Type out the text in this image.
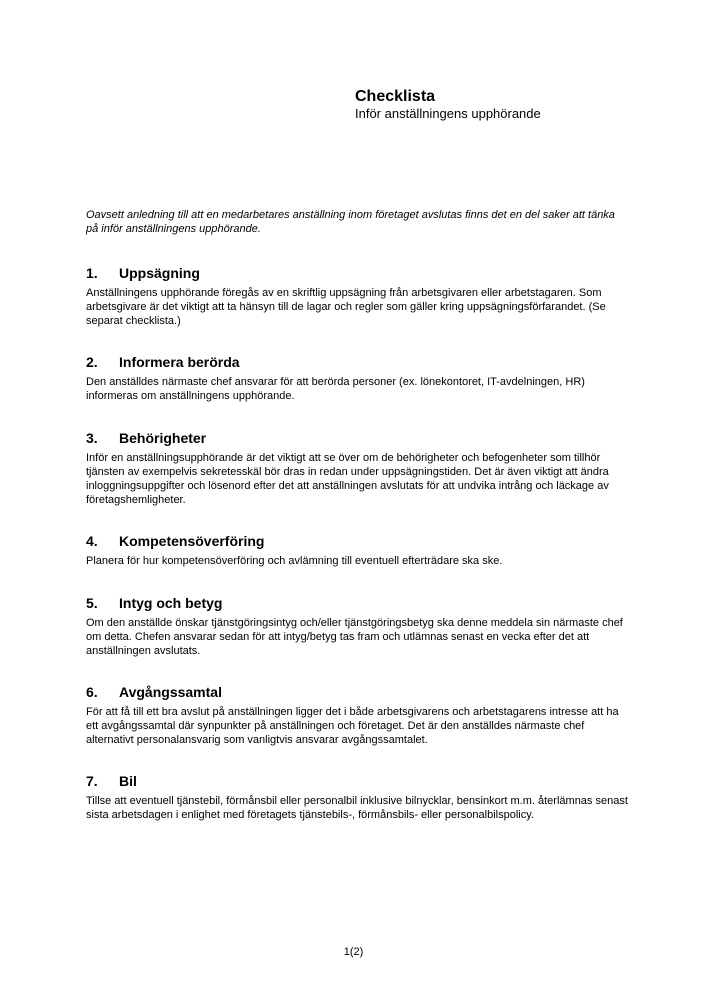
Checklista

Inför anställningens upphörande

Oavsett anledning till att en medarbetares anställning inom företaget avslutas finns det en del saker att tänka på inför anställningens upphörande.

1.	Uppsägning

Anställningens upphörande föregås av en skriftlig uppsägning från arbetsgivaren eller arbetstagaren. Som arbetsgivare är det viktigt att ta hänsyn till de lagar och regler som gäller kring uppsägningsförfarandet. (Se separat checklista.)

2.	Informera berörda

Den anställdes närmaste chef ansvarar för att berörda personer (ex. lönekontoret, IT-avdelningen, HR) informeras om anställningens upphörande.

3.	Behörigheter

Inför en anställningsupphörande är det viktigt att se över om de behörigheter och befogenheter som tillhör tjänsten av exempelvis sekretesskäl bör dras in redan under uppsägningstiden. Det är även viktigt att ändra inloggningsuppgifter och lösenord efter det att anställningen avslutats för att undvika intrång och läckage av företagshemligheter.

4.	Kompetensöverföring

Planera för hur kompetensöverföring och avlämning till eventuell efterträdare ska ske.

5.	Intyg och betyg

Om den anställde önskar tjänstgöringsintyg och/eller tjänstgöringsbetyg ska denne meddela sin närmaste chef om detta. Chefen ansvarar sedan för att intyg/betyg tas fram och utlämnas senast en vecka efter det att anställningen avslutats.

6.	Avgångssamtal

För att få till ett bra avslut på anställningen ligger det i både arbetsgivarens och arbetstagarens intresse att ha ett avgångssamtal där synpunkter på anställningen och företaget. Det är den anställdes närmaste chef alternativt personalansvarig som vanligtvis ansvarar avgångssamtalet.

7.	Bil

Tillse att eventuell tjänstebil, förmånsbil eller personalbil inklusive bilnycklar, bensinkort m.m. återlämnas senast sista arbetsdagen i enlighet med företagets tjänstebils-, förmånsbils- eller personalbilspolicy.

1(2)
